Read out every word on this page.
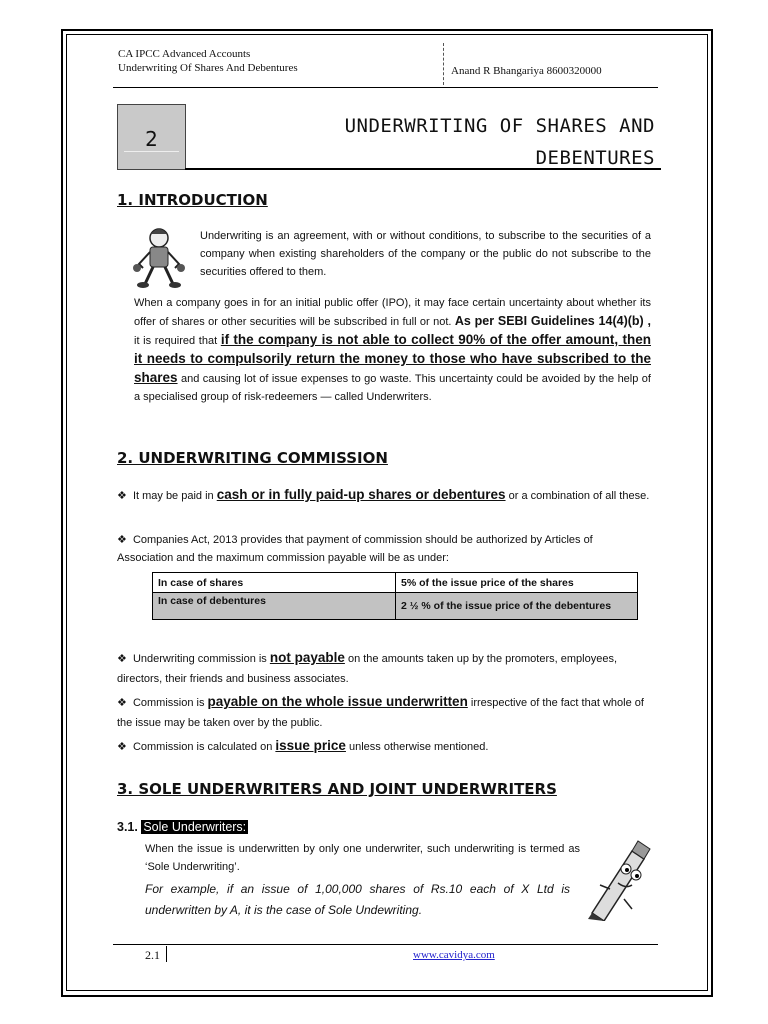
CA IPCC Advanced Accounts
Underwriting Of Shares And Debentures	Anand R Bhangariya 8600320000
2
UNDERWRITING OF SHARES AND
DEBENTURES
1. INTRODUCTION
Underwriting is an agreement, with or without conditions, to subscribe to the securities of a company when existing shareholders of the company or the public do not subscribe to the securities offered to them.
When a company goes in for an initial public offer (IPO), it may face certain uncertainty about whether its offer of shares or other securities will be subscribed in full or not. As per SEBI Guidelines 14(4)(b) , it is required that if the company is not able to collect 90% of the offer amount, then it needs to compulsorily return the money to those who have subscribed to the shares and causing lot of issue expenses to go waste. This uncertainty could be avoided by the help of a specialised group of risk-redeemers — called Underwriters.
2. UNDERWRITING COMMISSION
❖ It may be paid in cash or in fully paid-up shares or debentures or a combination of all these.
❖ Companies Act, 2013 provides that payment of commission should be authorized by Articles of Association and the maximum commission payable will be as under:
In case of shares	5% of the issue price of the shares
In case of debentures	2 ½ % of the issue price of the debentures
❖ Underwriting commission is not payable on the amounts taken up by the promoters, employees, directors, their friends and business associates.
❖ Commission is payable on the whole issue underwritten irrespective of the fact that whole of the issue may be taken over by the public.
❖ Commission is calculated on issue price unless otherwise mentioned.
3. SOLE UNDERWRITERS AND JOINT UNDERWRITERS
3.1. Sole Underwriters:
When the issue is underwritten by only one underwriter, such underwriting is termed as ‘Sole Underwriting’.
For example, if an issue of 1,00,000 shares of Rs.10 each of X Ltd is underwritten by A, it is the case of Sole Undewriting.
2.1	www.cavidya.com
